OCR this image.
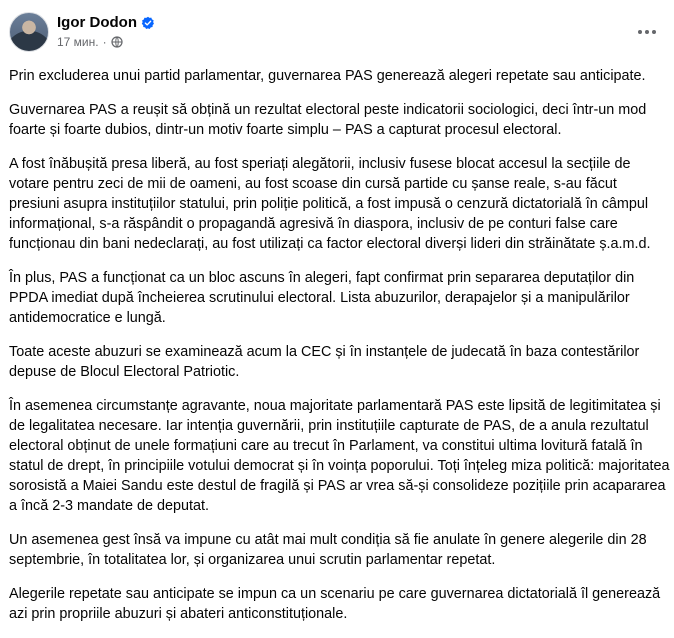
Igor Dodon
17 мин. ·

Prin excluderea unui partid parlamentar, guvernarea PAS generează alegeri repetate sau anticipate.

Guvernarea PAS a reușit să obțină un rezultat electoral peste indicatorii sociologici, deci într-un mod foarte și foarte dubios, dintr-un motiv foarte simplu – PAS a capturat procesul electoral.

A fost înăbușită presa liberă, au fost speriați alegătorii, inclusiv fusese blocat accesul la secțiile de votare pentru zeci de mii de oameni, au fost scoase din cursă partide cu șanse reale, s-au făcut presiuni asupra instituțiilor statului, prin poliție politică, a fost impusă o cenzură dictatorială în câmpul informațional, s-a răspândit o propagandă agresivă în diaspora, inclusiv de pe conturi false care funcționau din bani nedeclarați, au fost utilizați ca factor electoral diverși lideri din străinătate ș.a.m.d.

În plus, PAS a funcționat ca un bloc ascuns în alegeri, fapt confirmat prin separarea deputaților din PPDA imediat după încheierea scrutinului electoral. Lista abuzurilor, derapajelor și a manipulărilor antidemocratice e lungă.

Toate aceste abuzuri se examinează acum la CEC și în instanțele de judecată în baza contestărilor depuse de Blocul Electoral Patriotic.

În asemenea circumstanțe agravante, noua majoritate parlamentară PAS este lipsită de legitimitatea și de legalitatea necesare. Iar intenția guvernării, prin instituțiile capturate de PAS, de a anula rezultatul electoral obținut de unele formațiuni care au trecut în Parlament, va constitui ultima lovitură fatală în statul de drept, în principiile votului democrat și în voința poporului. Toți înțeleg miza politică: majoritatea sorosistă a Maiei Sandu este destul de fragilă și PAS ar vrea să-și consolideze pozițiile prin acapararea a încă 2-3 mandate de deputat.

Un asemenea gest însă va impune cu atât mai mult condiția să fie anulate în genere alegerile din 28 septembrie, în totalitatea lor, și organizarea unui scrutin parlamentar repetat.

Alegerile repetate sau anticipate se impun ca un scenariu pe care guvernarea dictatorială îl generează azi prin propriile abuzuri și abateri anticonstituționale.
